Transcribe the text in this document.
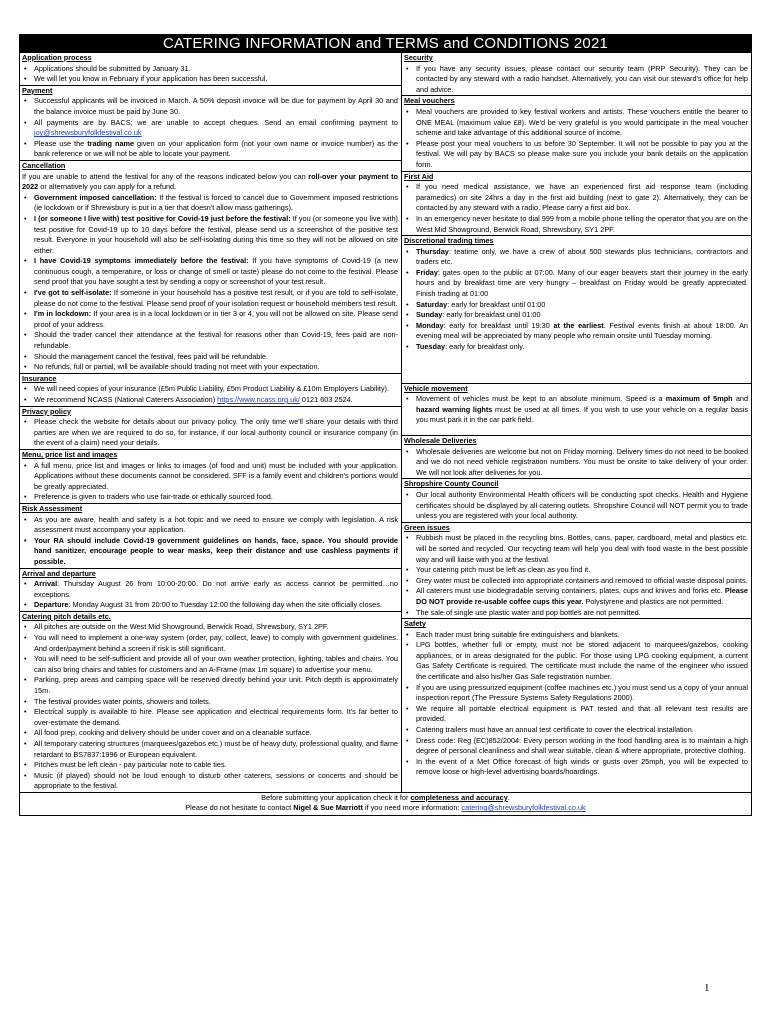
CATERING INFORMATION and TERMS and CONDITIONS 2021
Application process
• Applications should be submitted by January 31.
• We will let you know in February if your application has been successful.
Payment
• Successful applicants will be invoiced in March. A 50% deposit invoice will be due for payment by April 30 and the balance invoice must be paid by June 30.
• All payments are by BACS; we are unable to accept cheques. Send an email confirming payment to joy@shrewsburyfolkfestival.co.uk
• Please use the trading name given on your application form (not your own name or invoice number) as the bank reference or we will not be able to locate your payment.
Cancellation
If you are unable to attend the festival for any of the reasons indicated below you can roll-over your payment to 2022 or alternatively you can apply for a refund.
• Government imposed cancellation: If the festival is forced to cancel due to Government imposed restrictions (ie lockdown or if Shrewsbury is put in a tier that doesn't allow mass gatherings).
• I (or someone I live with) test positive for Covid-19 just before the festival: If you (or someone you live with) test positive for Covid-19 up to 10 days before the festival, please send us a screenshot of the positive test result. Everyone in your household will also be self-isolating during this time so they will not be allowed on site either.
• I have Covid-19 symptoms immediately before the festival: If you have symptoms of Covid-19 (a new continuous cough, a temperature, or loss or change of smell or taste) please do not come to the festival. Please send proof that you have sought a test by sending a copy or screenshot of your test result.
• I've got to self-isolate: If someone in your household has a positive test result, or if you are told to self-isolate, please do not come to the festival. Please send proof of your isolation request or household members test result.
• I'm in lockdown: If your area is in a local lockdown or in tier 3 or 4, you will not be allowed on site. Please send proof of your address.
• Should the trader cancel their attendance at the festival for reasons other than Covid-19, fees paid are non-refundable.
• Should the management cancel the festival, fees paid will be refundable.
• No refunds, full or partial, will be available should trading not meet with your expectation.
Insurance
• We will need copies of your insurance (£5m Public Liability, £5m Product Liability & £10m Employers Liability).
• We recommend NCASS (National Caterers Association) https://www.ncass.org.uk/ 0121 603 2524.
Privacy policy
• Please check the website for details about our privacy policy. The only time we'll share your details with third parties are when we are required to do so, for instance, if our local authority council or insurance company (in the event of a claim) need your details.
Menu, price list and images
• A full menu, price list and images or links to images (of food and unit) must be included with your application. Applications without these documents cannot be considered. SFF is a family event and children's portions would be greatly appreciated.
• Preference is given to traders who use fair-trade or ethically sourced food.
Risk Assessment
• As you are aware, health and safety is a hot topic and we need to ensure we comply with legislation. A risk assessment must accompany your application.
• Your RA should include Covid-19 government guidelines on hands, face, space. You should provide hand sanitizer, encourage people to wear masks, keep their distance and use cashless payments if possible.
Arrival and departure
• Arrival: Thursday August 26 from 10:00-20:00. Do not arrive early as access cannot be permitted…no exceptions.
• Departure: Monday August 31 from 20:00 to Tuesday 12:00 the following day when the site officially closes.
Catering pitch details etc.
• All pitches are outside on the West Mid Showground, Berwick Road, Shrewsbury, SY1 2PF.
• You will need to implement a one-way system (order, pay, collect, leave) to comply with government guidelines. And order/payment behind a screen if risk is still significant.
• You will need to be self-sufficient and provide all of your own weather protection, lighting, tables and chairs. You can also bring chairs and tables for customers and an A-Frame (max 1m square) to advertise your menu.
• Parking, prep areas and camping space will be reserved directly behind your unit. Pitch depth is approximately 15m.
• The festival provides water points, showers and toilets.
• Electrical supply is available to hire. Please see application and electrical requirements form. It's far better to over-estimate the demand.
• All food prep, cooking and delivery should be under cover and on a cleanable surface.
• All temporary catering structures (marquees/gazebos etc.) must be of heavy duty, professional quality, and flame retardant to BS7837:1996 or European equivalent.
• Pitches must be left clean - pay particular note to cable ties.
• Music (if played) should not be loud enough to disturb other caterers, sessions or concerts and should be appropriate to the festival.
Security
• If you have any security issues, please contact our security team (PRP Security). They can be contacted by any steward with a radio handset. Alternatively, you can visit our steward's office for help and advice.
Meal vouchers
• Meal vouchers are provided to key festival workers and artists. These vouchers entitle the bearer to ONE MEAL (maximum value £8). We'd be very grateful is you would participate in the meal voucher scheme and take advantage of this additional source of income.
• Please post your meal vouchers to us before 30 September. It will not be possible to pay you at the festival. We will pay by BACS so please make sure you include your bank details on the application form.
First Aid
• If you need medical assistance, we have an experienced first aid response team (including paramedics) on site 24hrs a day in the first aid building (next to gate 2). Alternatively, they can be contacted by any steward with a radio. Please carry a first aid box.
• In an emergency never hesitate to dial 999 from a mobile phone telling the operator that you are on the West Mid Showground, Berwick Road, Shrewsbury, SY1 2PF.
Discretional trading times
• Thursday: teatime only, we have a crew of about 500 stewards plus technicians, contractors and traders etc.
• Friday: gates open to the public at 07:00. Many of our eager beavers start their journey in the early hours and by breakfast time are very hungry – breakfast on Friday would be greatly appreciated. Finish trading at 01:00
• Saturday: early for breakfast until 01:00
• Sunday: early for breakfast until 01:00
• Monday: early for breakfast until 19:30 at the earliest. Festival events finish at about 18:00. An evening meal will be appreciated by many people who remain onsite until Tuesday morning.
• Tuesday: early for breakfast only.
Vehicle movement
• Movement of vehicles must be kept to an absolute minimum. Speed is a maximum of 5mph and hazard warning lights must be used at all times. If you wish to use your vehicle on a regular basis you must park it in the car park field.
Wholesale Deliveries
• Wholesale deliveries are welcome but not on Friday morning. Delivery times do not need to be booked and we do not need vehicle registration numbers. You must be onsite to take delivery of your order. We will not look after deliveries for you.
Shropshire County Council
• Our local authority Environmental Health officers will be conducting spot checks. Health and Hygiene certificates should be displayed by all catering outlets. Shropshire Council will NOT permit you to trade unless you are registered with your local authority.
Green issues
• Rubbish must be placed in the recycling bins. Bottles, cans, paper, cardboard, metal and plastics etc. will be sorted and recycled. Our recycling team will help you deal with food waste in the best possible way and will liaise with you at the festival.
• Your catering pitch must be left as clean as you find it.
• Grey water must be collected into appropriate containers and removed to official waste disposal points.
• All caterers must use biodegradable serving containers, plates, cups and knives and forks etc. Please DO NOT provide re-usable coffee cups this year. Polystyrene and plastics are not permitted.
• The sale of single use plastic water and pop bottles are not permitted.
Safety
• Each trader must bring suitable fire extinguishers and blankets.
• LPG bottles, whether full or empty, must not be stored adjacent to marquees/gazebos, cooking appliances, or in areas designated for the public. For those using LPG cooking equipment, a current Gas Safety Certificate is required. The certificate must include the name of the engineer who issued the certificate and also his/her Gas Safe registration number.
• If you are using pressurized equipment (coffee machines etc.) you must send us a copy of your annual inspection report (The Pressure Systems Safety Regulations 2000).
• We require all portable electrical equipment is PAT tested and that all relevant test results are provided.
• Catering trailers must have an annual test certificate to cover the electrical installation.
• Dress code: Reg (EC)852/2004: Every person working in the food handling area is to maintain a high degree of personal cleanliness and shall wear suitable, clean & where appropriate, protective clothing.
• In the event of a Met Office forecast of high winds or gusts over 25mph, you will be expected to remove loose or high-level advertising boards/hoardings.
Before submitting your application check it for completeness and accuracy.
Please do not hesitate to contact Nigel & Sue Marriott if you need more information: catering@shrewsburyfolkfestival.co.uk
1
